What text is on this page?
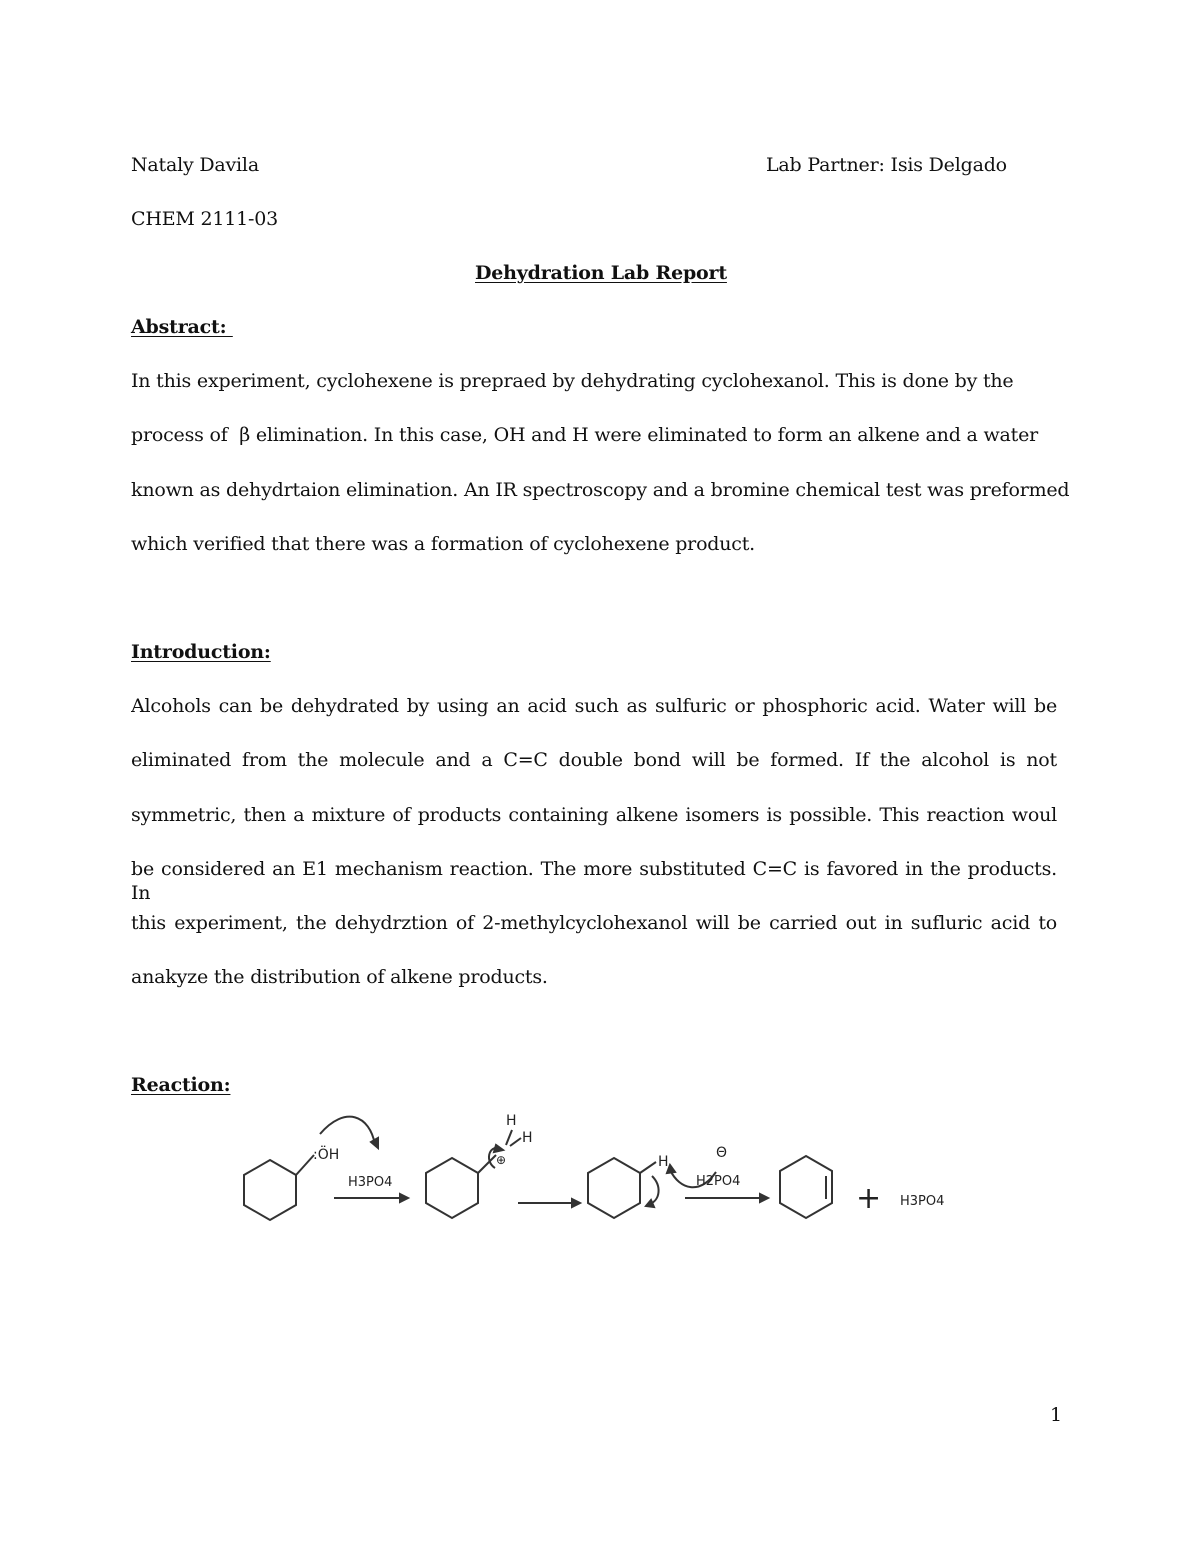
Nataly Davila	Lab Partner: Isis Delgado
CHEM 2111-03
Dehydration Lab Report
Abstract:
In this experiment, cyclohexene is prepraed by dehydrating cyclohexanol. This is done by the
process of  β elimination. In this case, OH and H were eliminated to form an alkene and a water
known as dehydrtaion elimination. An IR spectroscopy and a bromine chemical test was preformed
which verified that there was a formation of cyclohexene product.
Introduction:
Alcohols can be dehydrated by using an acid such as sulfuric or phosphoric acid. Water will be
eliminated from the molecule and a C=C double bond will be formed. If the alcohol is not
symmetric, then a mixture of products containing alkene isomers is possible. This reaction woul
be considered an E1 mechanism reaction. The more substituted C=C is favored in the products. In
this experiment, the dehydrztion of 2-methylcyclohexanol will be carried out in sufluric acid to
anakyze the distribution of alkene products.
Reaction:
:ÖH
H3PO4
H
H
⊕	H
Θ
H2PO4	+ H3PO4
1
